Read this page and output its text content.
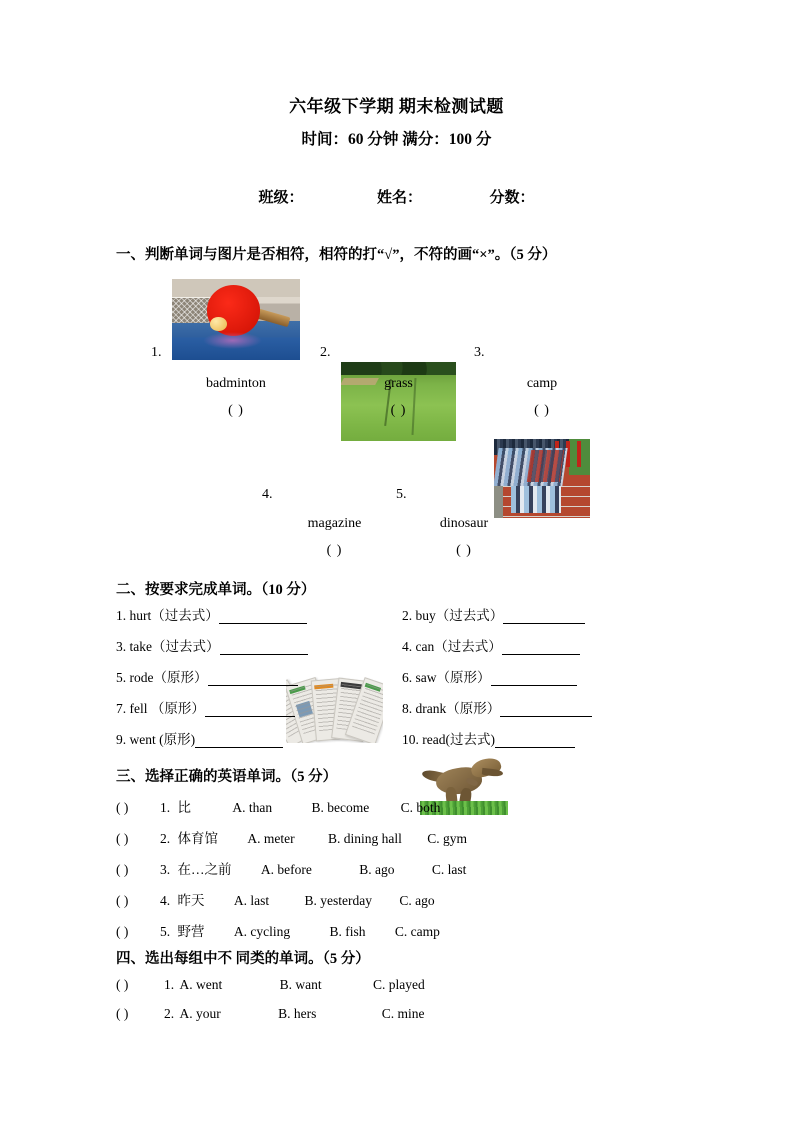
六年级下学期 期末检测试题
时间：60 分钟 满分：100 分
班级：	姓名：	分数：
一、判断单词与图片是否相符，相符的打“√”，不符的画“×”。（5 分）
1.
badminton
( )
2.
grass
( )
3.
camp
( )
4.
magazine
( )
5.
dinosaur
( )
二、按要求完成单词。（10 分）
1. hurt（过去式）	2. buy（过去式）
3. take（过去式）	4. can（过去式）
5. rode（原形）	6. saw（原形）
7. fell （原形）	8. drank（原形）
9. went (原形)	10. read(过去式)
三、选择正确的英语单词。（5 分）
( ) 1. 比	A. than	B. become C. both
( ) 2. 体育馆 A. meter B. dining hall C. gym
( ) 3. 在…之前 A. before	B. ago	C. last
( ) 4. 昨天 A. last	B. yesterday C. ago
( ) 5. 野营 A. cycling	B. fish C. camp
四、选出每组中不 同类的单词。（5 分）
( )	1. A. went	B. want	C. played
( )	2. A. your	B. hers	C. mine
